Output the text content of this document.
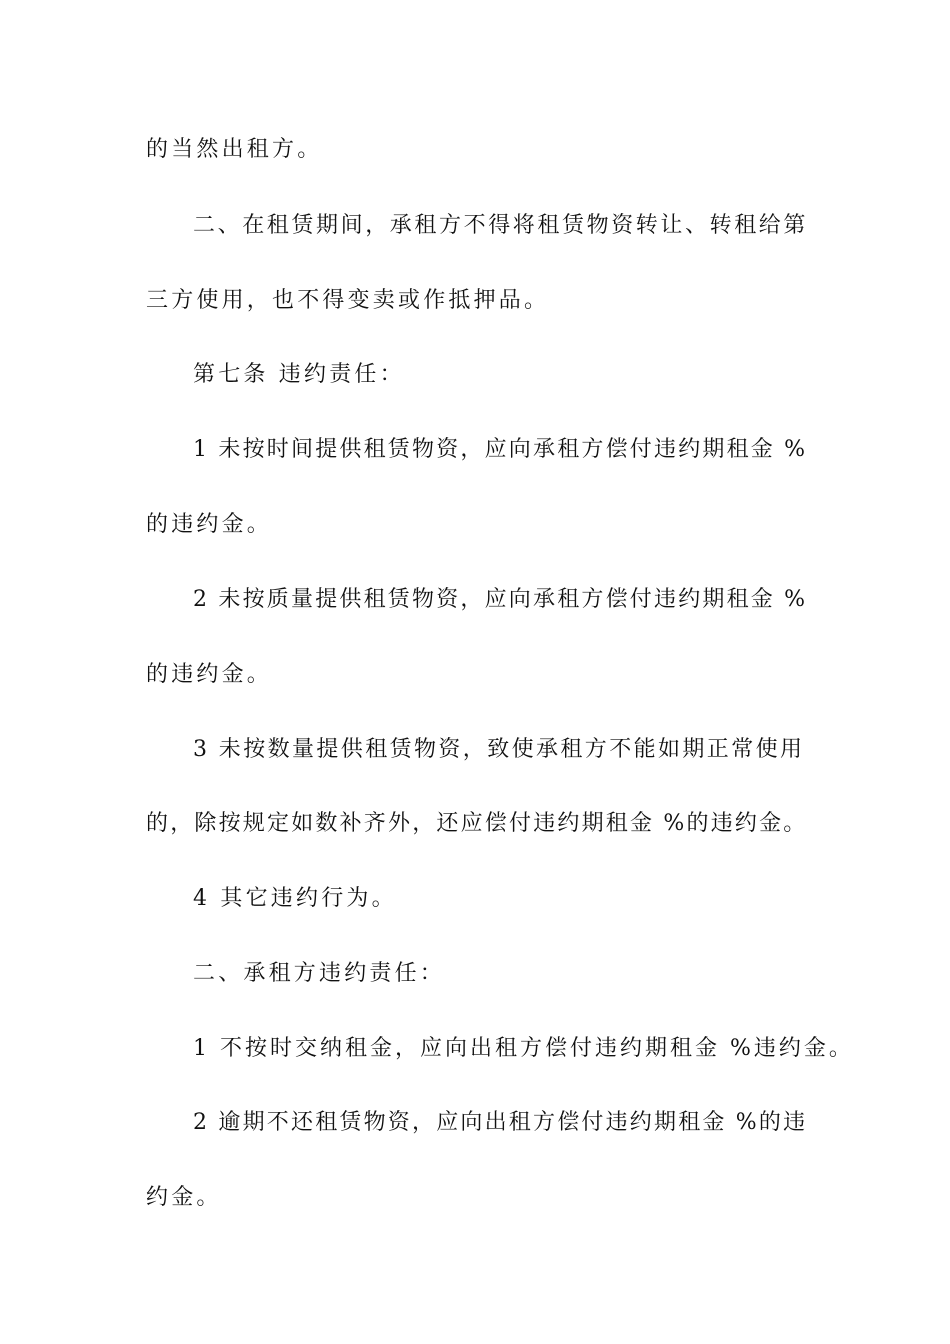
的当然出租方。
二、在租赁期间，承租方不得将租赁物资转让、转租给第
三方使用，也不得变卖或作抵押品。
第七条 违约责任：
1 未按时间提供租赁物资，应向承租方偿付违约期租金 %
的违约金。
2 未按质量提供租赁物资，应向承租方偿付违约期租金 %
的违约金。
3 未按数量提供租赁物资，致使承租方不能如期正常使用
的，除按规定如数补齐外，还应偿付违约期租金 %的违约金。
4 其它违约行为。
二、承租方违约责任：
1 不按时交纳租金，应向出租方偿付违约期租金 %违约金。
2 逾期不还租赁物资，应向出租方偿付违约期租金 %的违
约金。
